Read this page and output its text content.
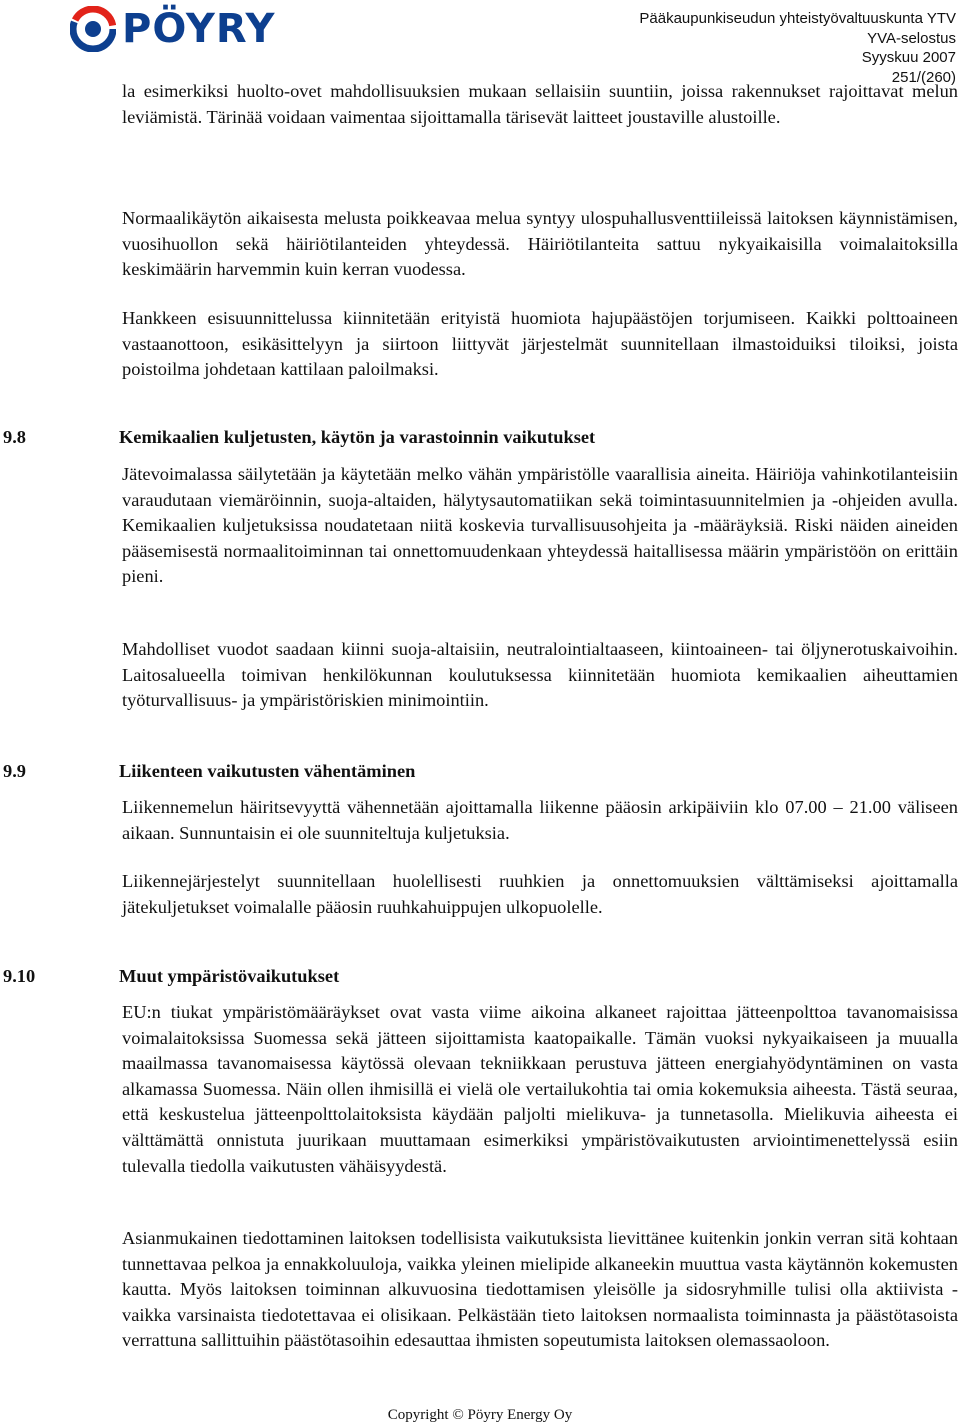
PÖYRY	Pääkaupunkiseudun yhteistyövaltuuskunta YTV
YVA-selostus
Syyskuu 2007
251/(260)

la esimerkiksi huolto-ovet mahdollisuuksien mukaan sellaisiin suuntiin, joissa rakennukset rajoittavat melun leviämistä. Tärinää voidaan vaimentaa sijoittamalla tärisevät laitteet joustaville alustoille.

Normaalikäytön aikaisesta melusta poikkeavaa melua syntyy ulospuhallusventtiileissä laitoksen käynnistämisen, vuosihuollon sekä häiriötilanteiden yhteydessä. Häiriötilanteita sattuu nykyaikaisilla voimalaitoksilla keskimäärin harvemmin kuin kerran vuodessa.

Hankkeen esisuunnittelussa kiinnitetään erityistä huomiota hajupäästöjen torjumiseen. Kaikki polttoaineen vastaanottoon, esikäsittelyyn ja siirtoon liittyvät järjestelmät suunnitellaan ilmastoiduiksi tiloiksi, joista poistoilma johdetaan kattilaan paloilmaksi.

9.8	Kemikaalien kuljetusten, käytön ja varastoinnin vaikutukset

Jätevoimalassa säilytetään ja käytetään melko vähän ympäristölle vaarallisia aineita. Häiriöja vahinkotilanteisiin varaudutaan viemäröinnin, suoja-altaiden, hälytysautomatiikan sekä toimintasuunnitelmien ja -ohjeiden avulla. Kemikaalien kuljetuksissa noudatetaan niitä koskevia turvallisuusohjeita ja -määräyksiä. Riski näiden aineiden pääsemisestä normaalitoiminnan tai onnettomuudenkaan yhteydessä haitallisessa määrin ympäristöön on erittäin pieni.

Mahdolliset vuodot saadaan kiinni suoja-altaisiin, neutralointialtaaseen, kiintoaineen- tai öljynerotuskaivoihin. Laitosalueella toimivan henkilökunnan koulutuksessa kiinnitetään huomiota kemikaalien aiheuttamien työturvallisuus- ja ympäristöriskien minimointiin.

9.9	Liikenteen vaikutusten vähentäminen

Liikennemelun häiritsevyyttä vähennetään ajoittamalla liikenne pääosin arkipäiviin klo 07.00 – 21.00 väliseen aikaan. Sunnuntaisin ei ole suunniteltuja kuljetuksia.

Liikennejärjestelyt suunnitellaan huolellisesti ruuhkien ja onnettomuuksien välttämiseksi ajoittamalla jätekuljetukset voimalalle pääosin ruuhkahuippujen ulkopuolelle.

9.10	Muut ympäristövaikutukset

EU:n tiukat ympäristömääräykset ovat vasta viime aikoina alkaneet rajoittaa jätteenpolttoa tavanomaisissa voimalaitoksissa Suomessa sekä jätteen sijoittamista kaatopaikalle. Tämän vuoksi nykyaikaiseen ja muualla maailmassa tavanomaisessa käytössä olevaan tekniikkaan perustuva jätteen energiahyödyntäminen on vasta alkamassa Suomessa. Näin ollen ihmisillä ei vielä ole vertailukohtia tai omia kokemuksia aiheesta. Tästä seuraa, että keskustelua jätteenpolttolaitoksista käydään paljolti mielikuva- ja tunnetasolla. Mielikuvia aiheesta ei välttämättä onnistuta juurikaan muuttamaan esimerkiksi ympäristövaikutusten arviointimenettelyssä esiin tulevalla tiedolla vaikutusten vähäisyydestä.

Asianmukainen tiedottaminen laitoksen todellisista vaikutuksista lievittänee kuitenkin jonkin verran sitä kohtaan tunnettavaa pelkoa ja ennakkoluuloja, vaikka yleinen mielipide alkaneekin muuttua vasta käytännön kokemusten kautta. Myös laitoksen toiminnan alkuvuosina tiedottamisen yleisölle ja sidosryhmille tulisi olla aktiivista - vaikka varsinaista tiedotettavaa ei olisikaan. Pelkästään tieto laitoksen normaalista toiminnasta ja päästötasoista verrattuna sallittuihin päästötasoihin edesauttaa ihmisten sopeutumista laitoksen olemassaoloon.

Copyright © Pöyry Energy Oy
